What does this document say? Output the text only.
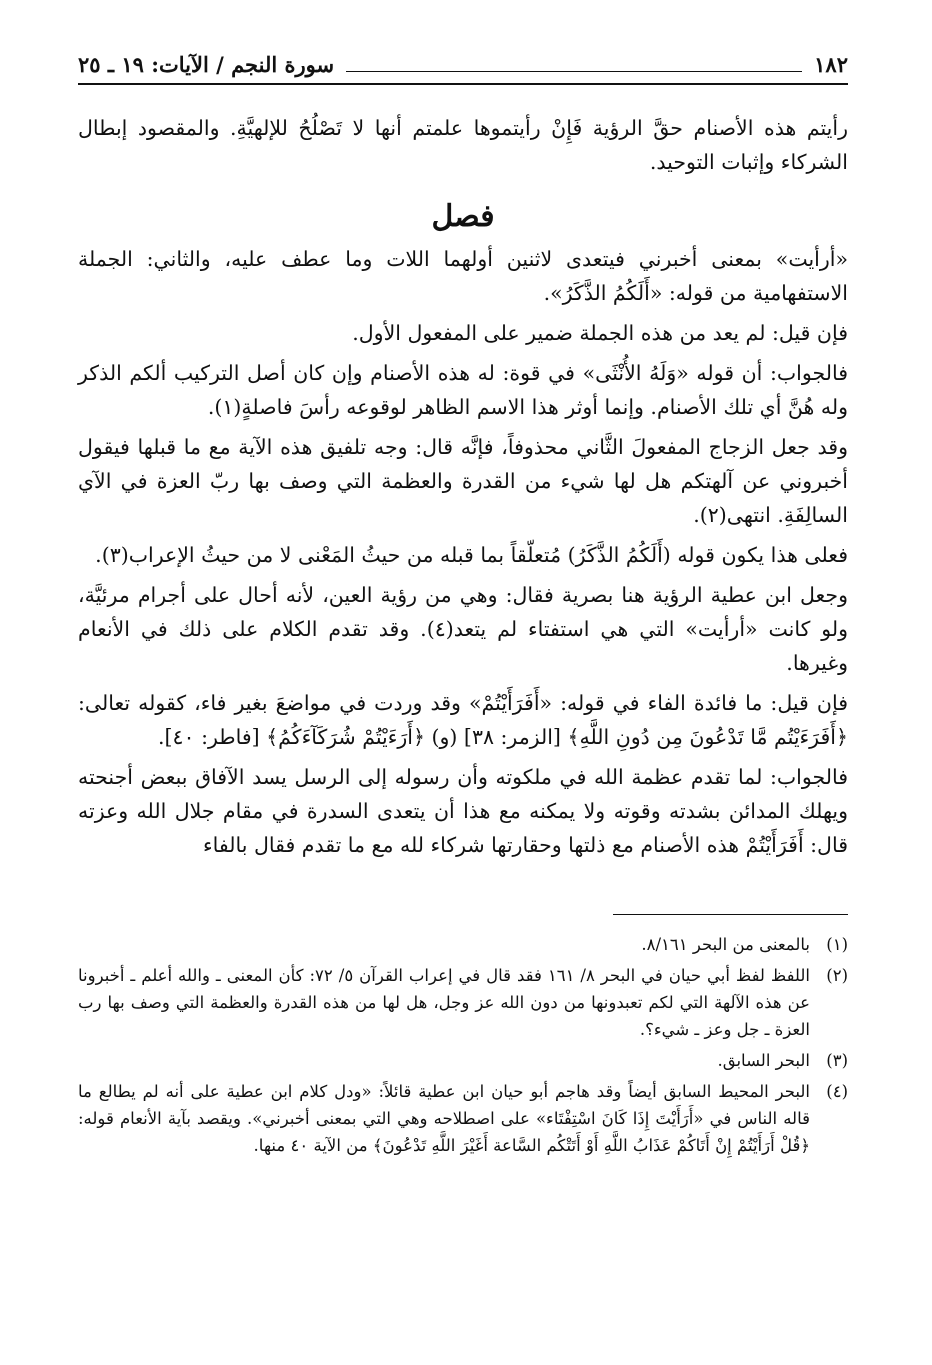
١٨٢
سورة النجم / الآيات: ١٩ ـ ٢٥

رأيتم هذه الأصنام حقَّ الرؤية فَإِنْ رأيتموها علمتم أنها لا تَصْلُحُ للإلهيَّةِ. والمقصود إبطال الشركاء وإثبات التوحيد.

فصل

«أرأيت» بمعنى أخبرني فيتعدى لاثنين أولهما اللات وما عطف عليه، والثاني: الجملة الاستفهامية من قوله: «أَلَكُمُ الذَّكَرُ».

فإن قيل: لم يعد من هذه الجملة ضمير على المفعول الأول.

فالجواب: أن قوله «وَلَهُ الأُنْثَى» في قوة: له هذه الأصنام وإن كان أصل التركيب ألكم الذكر وله هُنَّ أي تلك الأصنام. وإنما أوثر هذا الاسم الظاهر لوقوعه رأسَ فاصلةٍ(١).

وقد جعل الزجاج المفعولَ الثَّاني محذوفاً، فإنَّه قال: وجه تلفيق هذه الآية مع ما قبلها فيقول أخبروني عن آلهتكم هل لها شيء من القدرة والعظمة التي وصف بها ربّ العزة في الآي السالِفَةِ. انتهى(٢).

فعلى هذا يكون قوله (أَلَكُمُ الذَّكَرُ) مُتعلّقاً بما قبله من حيثُ المَعْنى لا من حيثُ الإعراب(٣).

وجعل ابن عطية الرؤية هنا بصرية فقال: وهي من رؤية العين، لأنه أحال على أجرام مرئيَّة، ولو كانت «أرأيت» التي هي استفتاء لم يتعد(٤). وقد تقدم الكلام على ذلك في الأنعام وغيرها.

فإن قيل: ما فائدة الفاء في قوله: «أَفَرَأَيْتُمْ» وقد وردت في مواضعَ بغير فاء، كقوله تعالى: ﴿أَفَرَءَيْتُم مَّا تَدْعُونَ مِن دُونِ اللَّهِ﴾ [الزمر: ٣٨] (و) ﴿أَرَءَيْتُمْ شُرَكَآءَكُمُ﴾ [فاطر: ٤٠].

فالجواب: لما تقدم عظمة الله في ملكوته وأن رسوله إلى الرسل يسد الآفاق ببعض أجنحته ويهلك المدائن بشدته وقوته ولا يمكنه مع هذا أن يتعدى السدرة في مقام جلال الله وعزته قال: أَفَرَأَيْتُمْ هذه الأصنام مع ذلتها وحقارتها شركاء لله مع ما تقدم فقال بالفاء

(١)
بالمعنى من البحر ٨/١٦١.
(٢)
اللفظ لفظ أبي حيان في البحر ٨/ ١٦١ فقد قال في إعراب القرآن ٥/ ٧٢: كأن المعنى ـ والله أعلم ـ أخبرونا عن هذه الآلهة التي لكم تعبدونها من دون الله عز وجل، هل لها من هذه القدرة والعظمة التي وصف بها رب العزة ـ جل وعز ـ شيء؟.
(٣)
البحر السابق.
(٤)
البحر المحيط السابق أيضاً وقد هاجم أبو حيان ابن عطية قائلاً: «ودل كلام ابن عطية على أنه لم يطالع ما قاله الناس في «أَرَأَيْتَ إِذَا كَانَ اسْتِفْتَاء» على اصطلاحه وهي التي بمعنى أخبرني». ويقصد بآية الأنعام قوله: ﴿قُلْ أَرَأَيْتُمْ إِنْ أَتَاكُمْ عَذَابُ اللَّهِ أَوْ أَتَتْكُم السَّاعة أَغَيْرَ اللَّهِ تَدْعُونَ﴾ من الآية ٤٠ منها.
